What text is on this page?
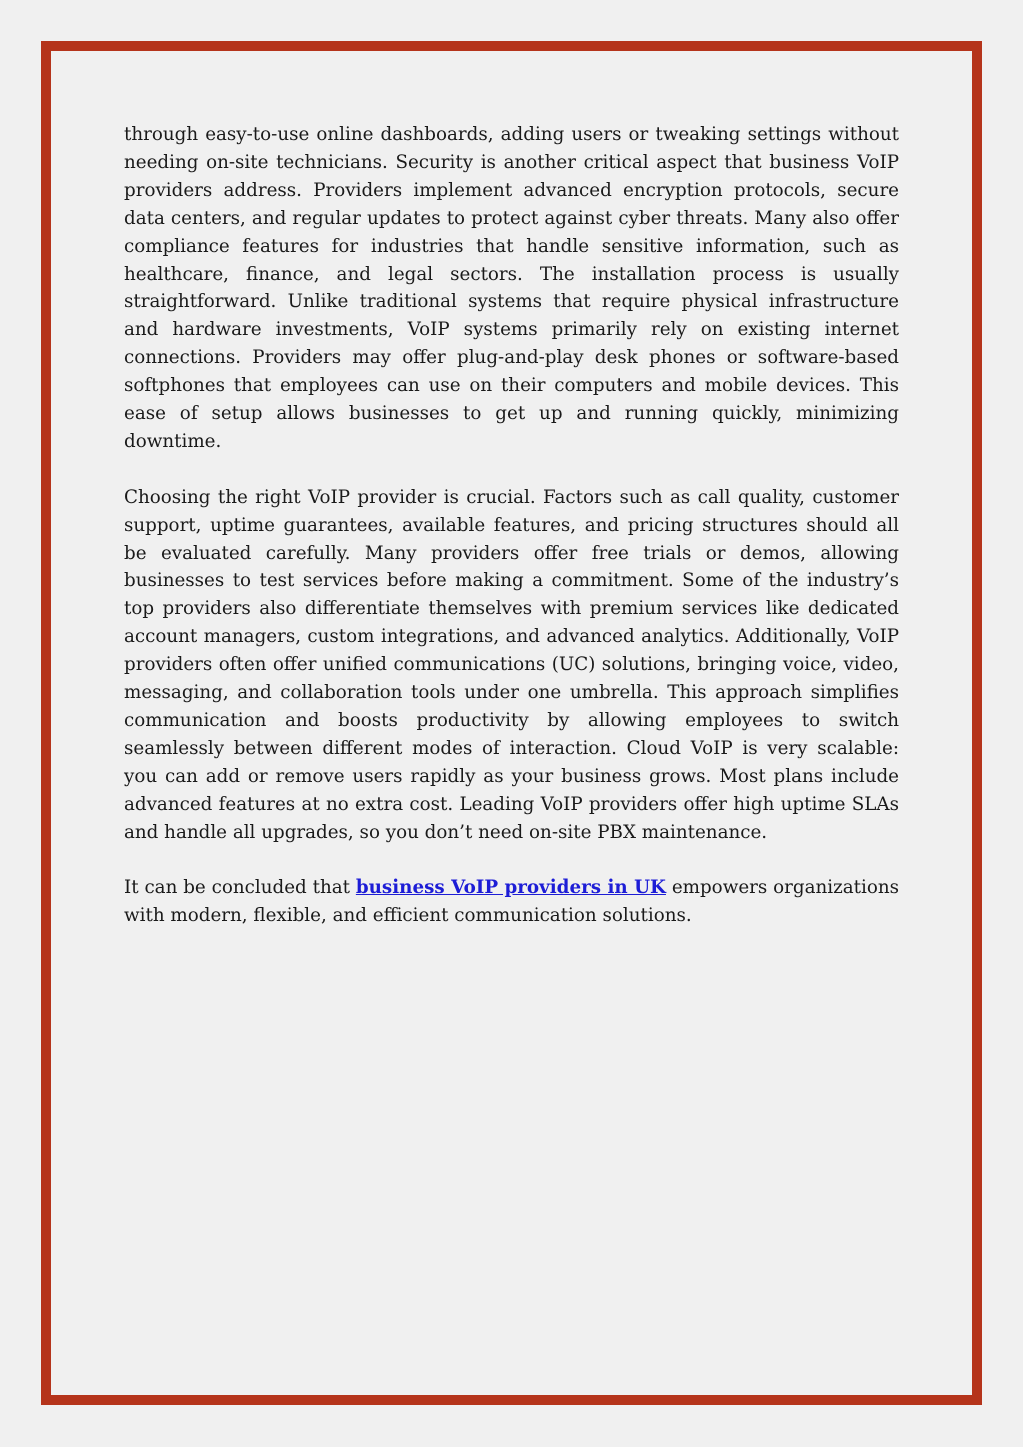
through easy-to-use online dashboards, adding users or tweaking settings without needing on-site technicians. Security is another critical aspect that business VoIP providers address. Providers implement advanced encryption protocols, secure data centers, and regular updates to protect against cyber threats. Many also offer compliance features for industries that handle sensitive information, such as healthcare, finance, and legal sectors. The installation process is usually straightforward. Unlike traditional systems that require physical infrastructure and hardware investments, VoIP systems primarily rely on existing internet connections. Providers may offer plug-and-play desk phones or software-based softphones that employees can use on their computers and mobile devices. This ease of setup allows businesses to get up and running quickly, minimizing downtime.

Choosing the right VoIP provider is crucial. Factors such as call quality, customer support, uptime guarantees, available features, and pricing structures should all be evaluated carefully. Many providers offer free trials or demos, allowing businesses to test services before making a commitment. Some of the industry’s top providers also differentiate themselves with premium services like dedicated account managers, custom integrations, and advanced analytics. Additionally, VoIP providers often offer unified communications (UC) solutions, bringing voice, video, messaging, and collaboration tools under one umbrella. This approach simplifies communication and boosts productivity by allowing employees to switch seamlessly between different modes of interaction. Cloud VoIP is very scalable: you can add or remove users rapidly as your business grows. Most plans include advanced features at no extra cost. Leading VoIP providers offer high uptime SLAs and handle all upgrades, so you don’t need on-site PBX maintenance.

It can be concluded that business VoIP providers in UK empowers organizations with modern, flexible, and efficient communication solutions.
